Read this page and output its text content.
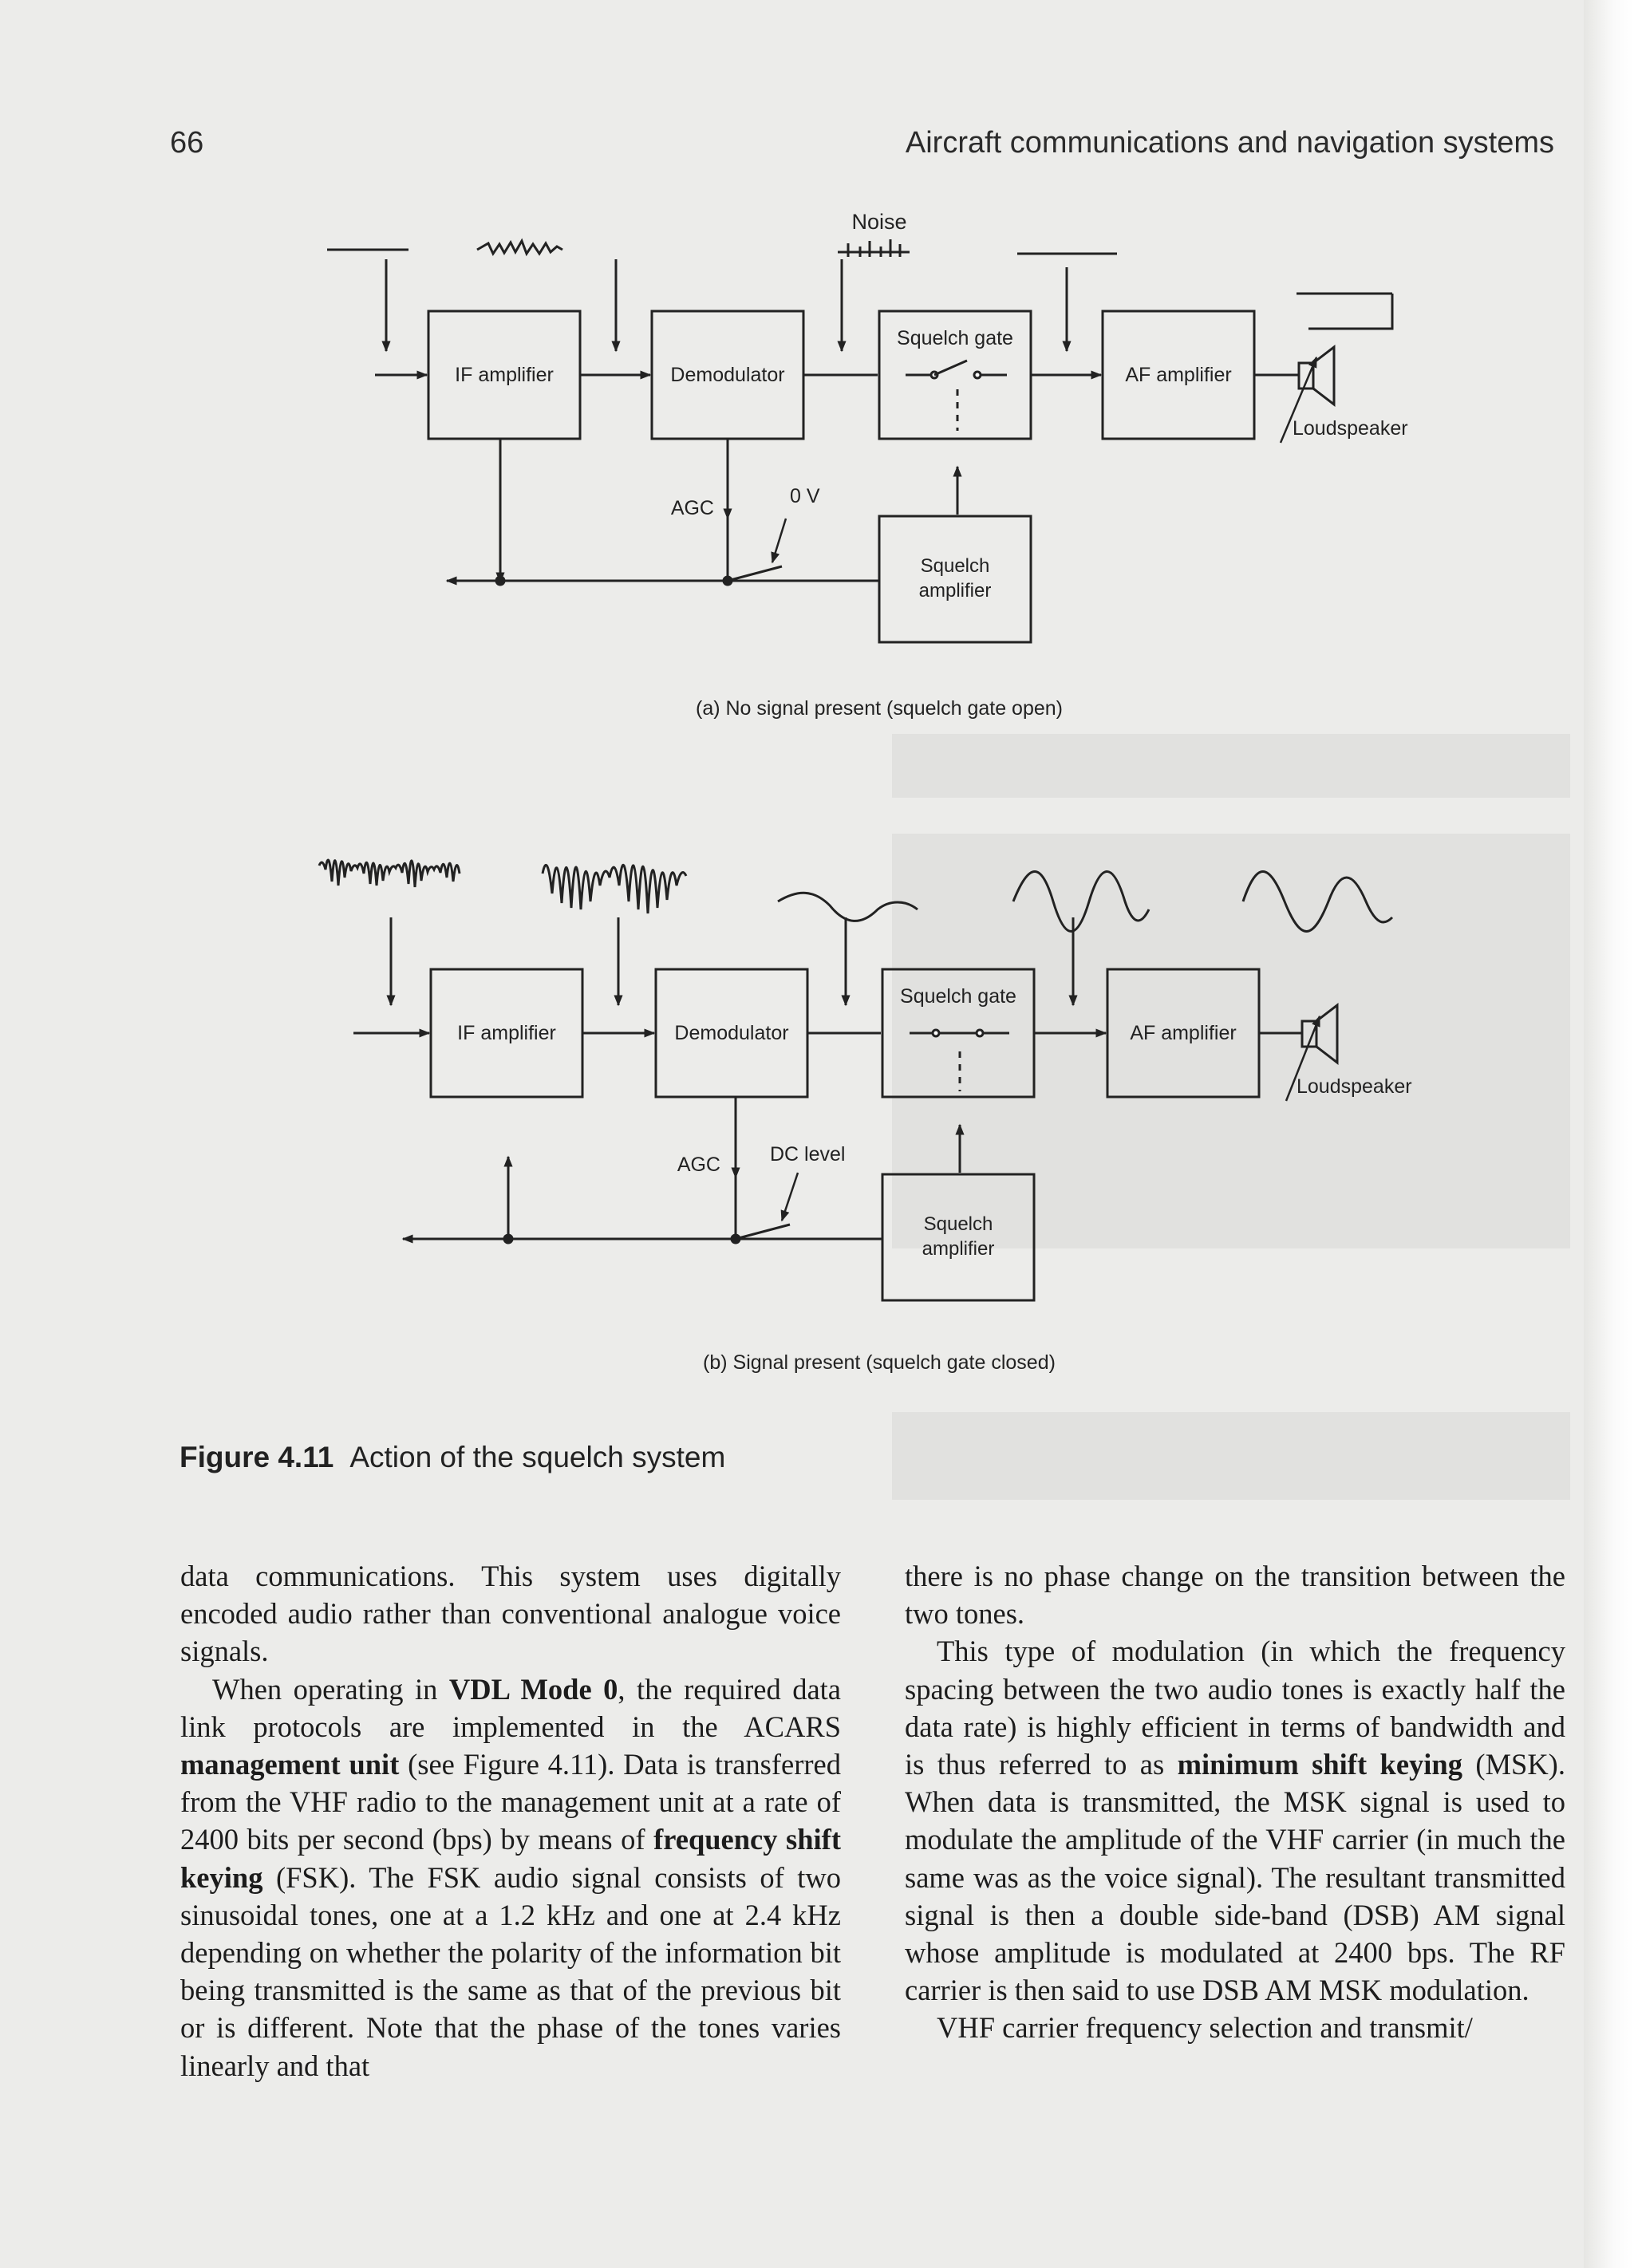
66	Aircraft communications and navigation systems
Noise
IF amplifier	Demodulator
Squelch gate
AF amplifier
Loudspeaker
AGC
0 V
Squelch
amplifier
(a) No signal present (squelch gate open)
IF amplifier	Demodulator
Squelch gate
AF amplifier
Loudspeaker
AGC DC level
Squelch
amplifier
(b) Signal present (squelch gate closed)
Figure 4.11 Action of the squelch system

data communications. This system uses digitally encoded audio rather than conventional analogue voice signals.

When operating in VDL Mode 0, the required data link protocols are implemented in the ACARS management unit (see Figure 4.11). Data is transferred from the VHF radio to the management unit at a rate of 2400 bits per second (bps) by means of frequency shift keying (FSK). The FSK audio signal consists of two sinusoidal tones, one at a 1.2 kHz and one at 2.4 kHz depending on whether the polarity of the information bit being transmitted is the same as that of the previous bit or is different. Note that the phase of the tones varies linearly and that

there is no phase change on the transition between the two tones.

This type of modulation (in which the frequency spacing between the two audio tones is exactly half the data rate) is highly efficient in terms of bandwidth and is thus referred to as minimum shift keying (MSK). When data is transmitted, the MSK signal is used to modulate the amplitude of the VHF carrier (in much the same was as the voice signal). The resultant transmitted signal is then a double side-band (DSB) AM signal whose amplitude is modulated at 2400 bps. The RF carrier is then said to use DSB AM MSK modulation.

VHF carrier frequency selection and transmit/
